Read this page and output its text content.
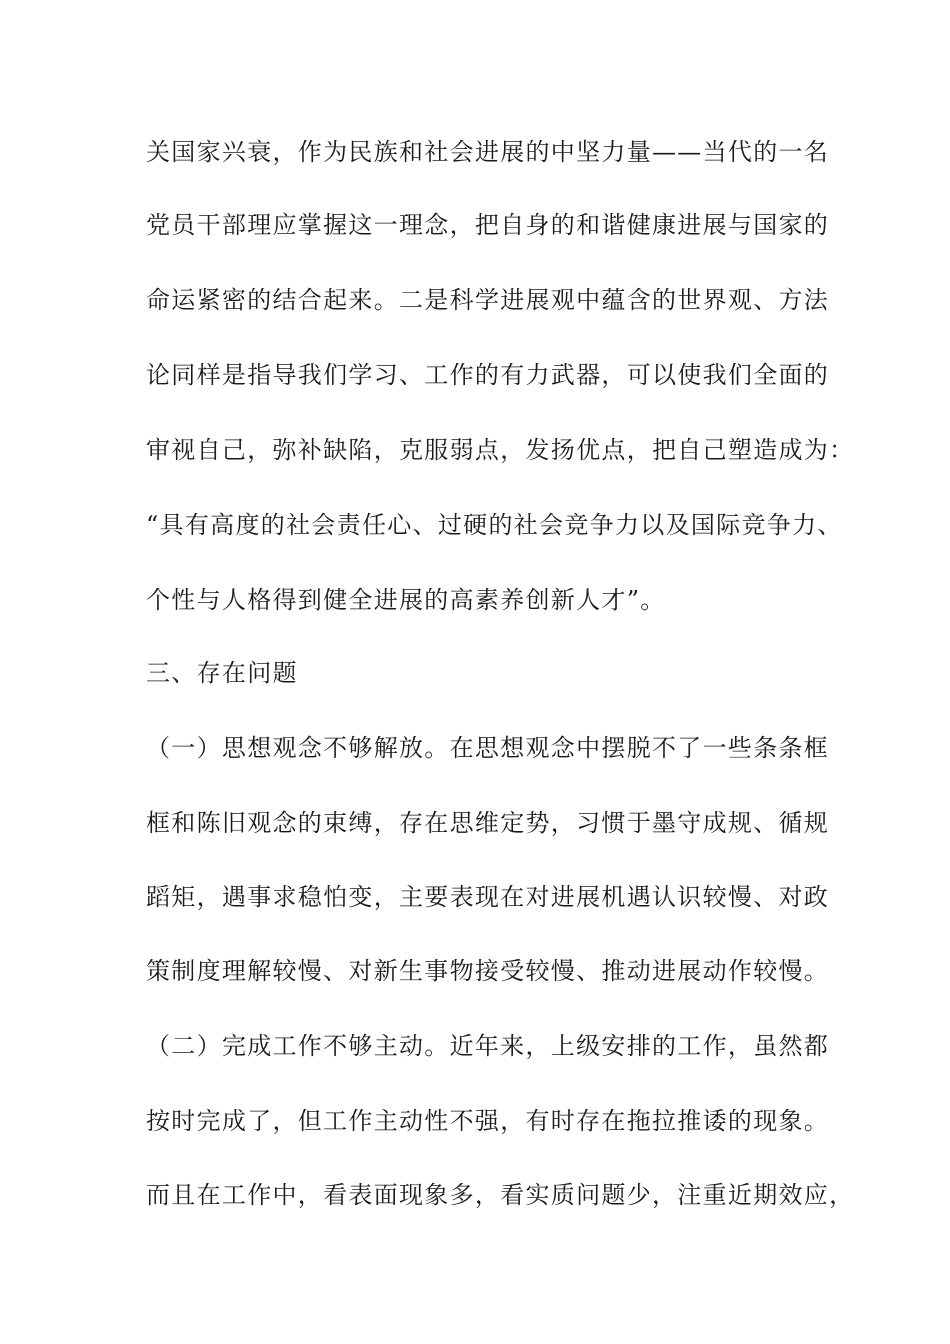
关国家兴衰，作为民族和社会进展的中坚力量——当代的一名
党员干部理应掌握这一理念，把自身的和谐健康进展与国家的
命运紧密的结合起来。二是科学进展观中蕴含的世界观、方法
论同样是指导我们学习、工作的有力武器，可以使我们全面的
审视自己，弥补缺陷，克服弱点，发扬优点，把自己塑造成为：
“具有高度的社会责任心、过硬的社会竞争力以及国际竞争力、
个性与人格得到健全进展的高素养创新人才”。
三、存在问题
（一）思想观念不够解放。在思想观念中摆脱不了一些条条框
框和陈旧观念的束缚，存在思维定势，习惯于墨守成规、循规
蹈矩，遇事求稳怕变，主要表现在对进展机遇认识较慢、对政
策制度理解较慢、对新生事物接受较慢、推动进展动作较慢。
（二）完成工作不够主动。近年来，上级安排的工作，虽然都
按时完成了，但工作主动性不强，有时存在拖拉推诿的现象。
而且在工作中，看表面现象多，看实质问题少，注重近期效应，
